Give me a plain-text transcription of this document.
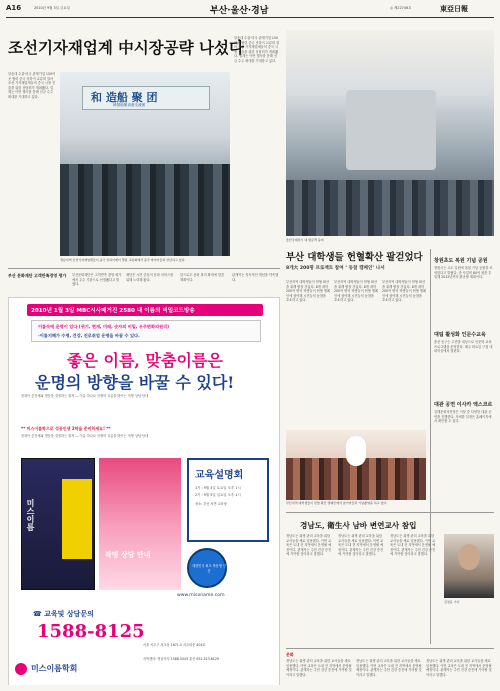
A16	2010년 9월 3일 금요일	부산·울산·경남	◎ 제22746호	東亞日報
조선기자재업계 中시장공략 나섰다
알송대 수출·미국 관계기업 150여곳 협력 중국 상하이 교류회 열어 조선 기자재업체들의 중국 시장 진출을 위한 상담회가 개최됐다. 업계는 이번 행사를 통해 신규 수주 확대를 기대하고 있다.	和 造船 聚 团
韩国船舶设备交流团
알송대 수출·미국 관계기업 150여곳 협력 중국 상하이 교류회 열어 조선 기자재업체들의 중국 시장 진출을 위한 상담회가 개최됐다. 업계는 이번 행사를 통해 신규 수주 확대를 기대하고 있다.
경남지역 조선기자재업체들이 중국 상하이에서 열린 교류회에서 중국 바이어들과 상담하고 있다.
울산국제전시 내 방문객 붐비
부산 대학생들 헌혈확산 팔걷었다
8개大 200명 프로젝트 참여 ‘ 동참 캠페인’ 나서
부산지역 대학생들이 헌혈 확산을 위해 팔을 걷었다. 8개 대학 200여 명의 학생들이 헌혈 캠페인에 참여해 시민들의 동참을 호소하고 있다.
부산지역 대학생들이 헌혈 확산을 위해 팔을 걷었다. 8개 대학 200여 명의 학생들이 헌혈 캠페인에 참여해 시민들의 동참을 호소하고 있다.
부산지역 대학생들이 헌혈 확산을 위해 팔을 걷었다. 8개 대학 200여 명의 학생들이 헌혈 캠페인에 참여해 시민들의 동참을 호소하고 있다.
부산지역 대학생들이 헌혈 확산 캠페인에서 참가자들과 기념촬영을 하고 있다.
창원초도 복원 기념 공원
창원시는 초도 일원에 복원 기념 공원을 조성한다고 밝혔다. 총 사업비 80억 원을 투입해 2012년까지 완공할 계획이다.
대팀 활성화 인문수교육
울산 동구는 주민을 대상으로 인문학 교육 프로그램을 운영한다. 매주 화요일 구청 대회의실에서 열린다.
대관 공연 이사카 엑스코르
김해문화의전당은 이달 중 다양한 대관 공연을 진행한다. 자세한 일정은 홈페이지에서 확인할 수 있다.
부산 문화재단 고객만족경영 평가	부산문화재단은 고객만족 경영 평가에서 우수 기관으로 선정됐다고 밝혔다.
재단은 시민 중심의 문화 서비스를 위해 노력해 왔다.
앞으로도 문화 복지 확대에 힘쓸 계획이다.
관계자는 지속적인 개선을 약속했다.
2010년 1월 3일 MBC시사매거진 2580 내 이름의 비밀코드방송
이름속에 운명이 있다 (귀기, 현재, 미래, 숫자의 비밀, 우주변화의원리)
-이름지혜가 수명, 건강, 진로취업 운명을 바꿀 수 있다.
좋은 이름, 맞춤이름은
운명의 방향을 바꿀 수 있다!
천복이 중간계와 명운을 결정하는 원칙 — 이름 하나로 인생의 흐름을 바꾸는 작명 상담 안내
** 미스이름학으로 성공인생 2막을 준비하세요! **
천복이 중간계와 명운을 결정하는 원칙 — 이름 하나로 인생의 흐름을 바꾸는 작명 상담 안내
미스이름
작명 상담 안내
교육설명회
1기 : 9월 4일 토요일 오후 1시
2기 : 9월 5일 일요일 오후 1시
장소: 부산 서면 교육장
대한민국 최초 학문명 인증
www.misoname.com
☎ 교육및 상담문의
1588-8125
미스이름학회
서울 서초구 서초동 1671-5 서초타운 404호
지역센터: 영남지사 1588-5045 울산 052-523-8129
경남도, 衛生사 남바 변연교사 참입
경남도는 위생 관리 교육을 위한 교사들을 새로 임용했다. 이번 교육은 도내 전 지역에서 운영될 예정이다. 관계자는 주민 건강 증진에 기여할 것이라고 말했다.
경남도는 위생 관리 교육을 위한 교사들을 새로 임용했다. 이번 교육은 도내 전 지역에서 운영될 예정이다. 관계자는 주민 건강 증진에 기여할 것이라고 말했다.
경남도는 위생 관리 교육을 위한 교사들을 새로 임용했다. 이번 교육은 도내 전 지역에서 운영될 예정이다. 관계자는 주민 건강 증진에 기여할 것이라고 말했다.
김정용 기자
문화
경남도는 위생 관리 교육을 위한 교사들을 새로 임용했다. 이번 교육은 도내 전 지역에서 운영될 예정이다. 관계자는 주민 건강 증진에 기여할 것이라고 말했다.
경남도는 위생 관리 교육을 위한 교사들을 새로 임용했다. 이번 교육은 도내 전 지역에서 운영될 예정이다. 관계자는 주민 건강 증진에 기여할 것이라고 말했다.
경남도는 위생 관리 교육을 위한 교사들을 새로 임용했다. 이번 교육은 도내 전 지역에서 운영될 예정이다. 관계자는 주민 건강 증진에 기여할 것이라고 말했다.
